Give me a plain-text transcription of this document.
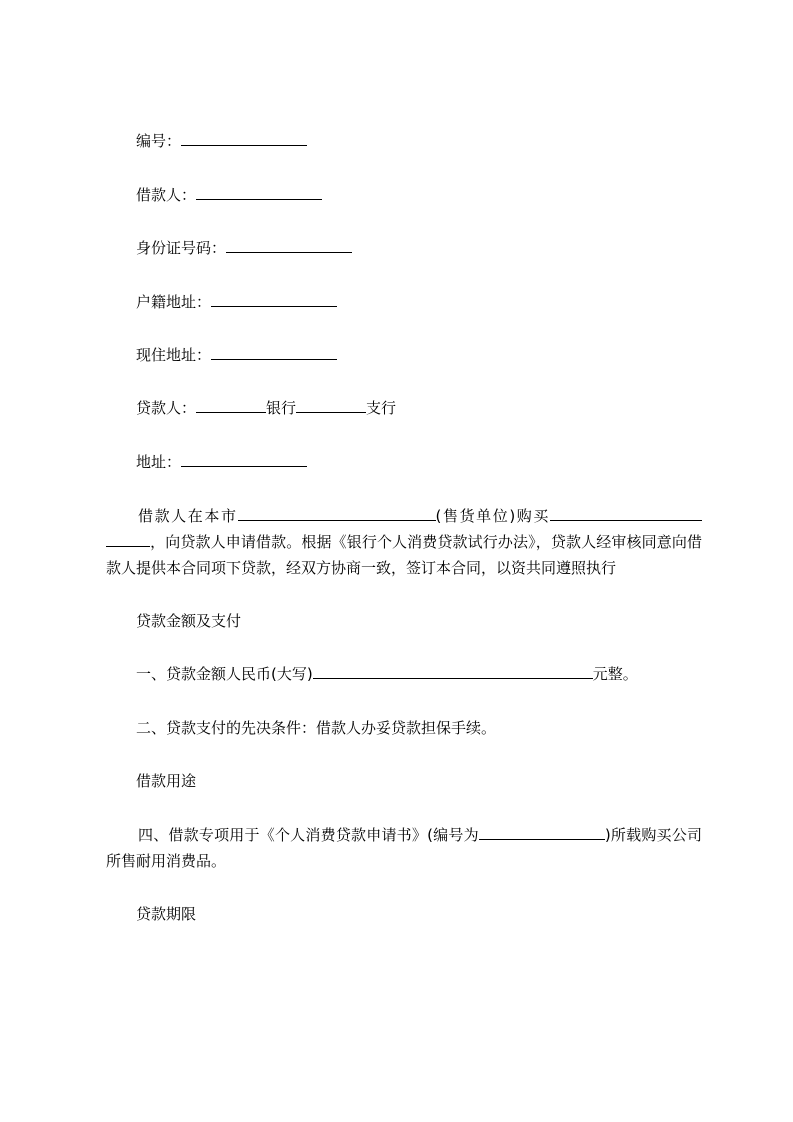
编号：
借款人：
身份证号码：
户籍地址：
现住地址：
贷款人：	银行	支行
地址：
借款人在本市	(售货单位)购买，向贷款人申请借款。根据《银行个人消费贷款试行办法》，贷款人经审核同意向借款人提供本合同项下贷款，经双方协商一致，签订本合同，以资共同遵照执行
贷款金额及支付
一、贷款金额人民币(大写)	元整。
二、贷款支付的先决条件：借款人办妥贷款担保手续。
借款用途
四、借款专项用于《个人消费贷款申请书》(编号为	)所载购买公司所售耐用消费品。
贷款期限
